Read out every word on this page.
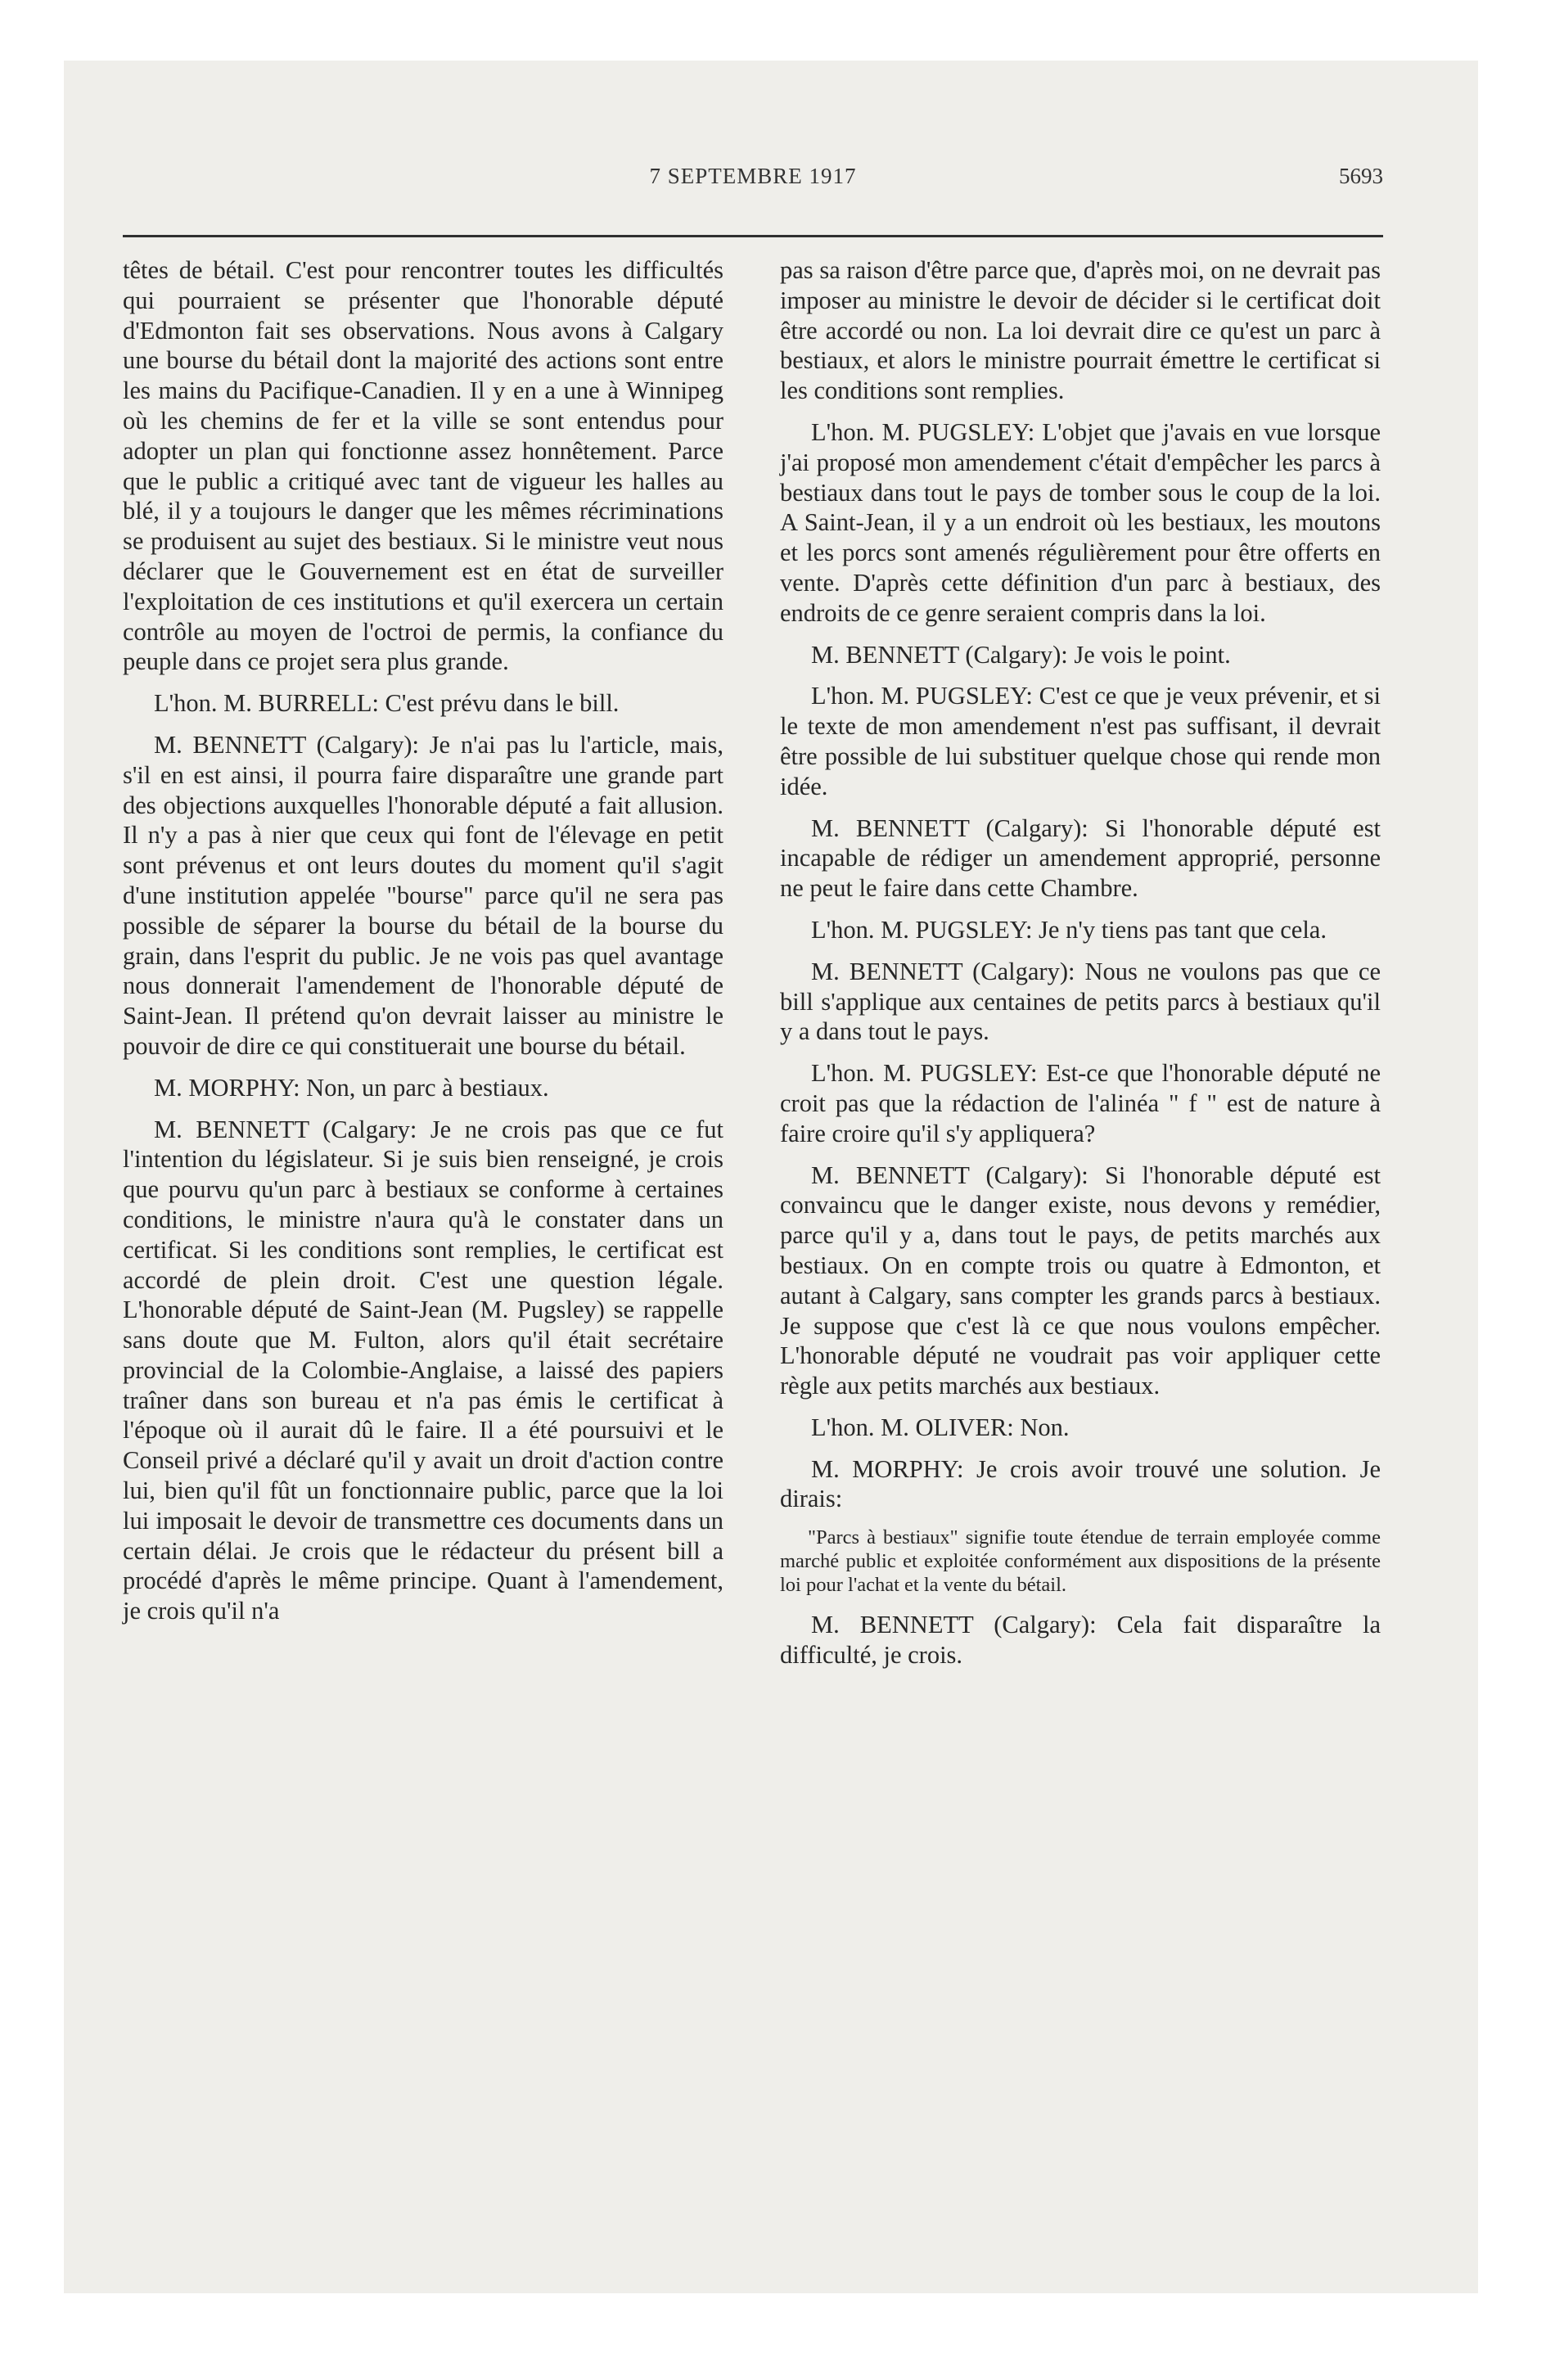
7 SEPTEMBRE 1917	5693

têtes de bétail. C'est pour rencontrer toutes les difficultés qui pourraient se présenter que l'honorable député d'Edmonton fait ses observations. Nous avons à Calgary une bourse du bétail dont la majorité des actions sont entre les mains du Pacifique-Canadien. Il y en a une à Winnipeg où les chemins de fer et la ville se sont entendus pour adopter un plan qui fonctionne assez honnêtement. Parce que le public a critiqué avec tant de vigueur les halles au blé, il y a toujours le danger que les mêmes récriminations se produisent au sujet des bestiaux. Si le ministre veut nous déclarer que le Gouvernement est en état de surveiller l'exploitation de ces institutions et qu'il exercera un certain contrôle au moyen de l'octroi de permis, la confiance du peuple dans ce projet sera plus grande.

L'hon. M. BURRELL: C'est prévu dans le bill.

M. BENNETT (Calgary): Je n'ai pas lu l'article, mais, s'il en est ainsi, il pourra faire disparaître une grande part des objections auxquelles l'honorable député a fait allusion. Il n'y a pas à nier que ceux qui font de l'élevage en petit sont prévenus et ont leurs doutes du moment qu'il s'agit d'une institution appelée "bourse" parce qu'il ne sera pas possible de séparer la bourse du bétail de la bourse du grain, dans l'esprit du public. Je ne vois pas quel avantage nous donnerait l'amendement de l'honorable député de Saint-Jean. Il prétend qu'on devrait laisser au ministre le pouvoir de dire ce qui constituerait une bourse du bétail.

M. MORPHY: Non, un parc à bestiaux.

M. BENNETT (Calgary: Je ne crois pas que ce fut l'intention du législateur. Si je suis bien renseigné, je crois que pourvu qu'un parc à bestiaux se conforme à certaines conditions, le ministre n'aura qu'à le constater dans un certificat. Si les conditions sont remplies, le certificat est accordé de plein droit. C'est une question légale. L'honorable député de Saint-Jean (M. Pugsley) se rappelle sans doute que M. Fulton, alors qu'il était secrétaire provincial de la Colombie-Anglaise, a laissé des papiers traîner dans son bureau et n'a pas émis le certificat à l'époque où il aurait dû le faire. Il a été poursuivi et le Conseil privé a déclaré qu'il y avait un droit d'action contre lui, bien qu'il fût un fonctionnaire public, parce que la loi lui imposait le devoir de transmettre ces documents dans un certain délai. Je crois que le rédacteur du présent bill a procédé d'après le même principe. Quant à l'amendement, je crois qu'il n'a

pas sa raison d'être parce que, d'après moi, on ne devrait pas imposer au ministre le devoir de décider si le certificat doit être accordé ou non. La loi devrait dire ce qu'est un parc à bestiaux, et alors le ministre pourrait émettre le certificat si les conditions sont remplies.

L'hon. M. PUGSLEY: L'objet que j'avais en vue lorsque j'ai proposé mon amendement c'était d'empêcher les parcs à bestiaux dans tout le pays de tomber sous le coup de la loi. A Saint-Jean, il y a un endroit où les bestiaux, les moutons et les porcs sont amenés régulièrement pour être offerts en vente. D'après cette définition d'un parc à bestiaux, des endroits de ce genre seraient compris dans la loi.

M. BENNETT (Calgary): Je vois le point.

L'hon. M. PUGSLEY: C'est ce que je veux prévenir, et si le texte de mon amendement n'est pas suffisant, il devrait être possible de lui substituer quelque chose qui rende mon idée.

M. BENNETT (Calgary): Si l'honorable député est incapable de rédiger un amendement approprié, personne ne peut le faire dans cette Chambre.

L'hon. M. PUGSLEY: Je n'y tiens pas tant que cela.

M. BENNETT (Calgary): Nous ne voulons pas que ce bill s'applique aux centaines de petits parcs à bestiaux qu'il y a dans tout le pays.

L'hon. M. PUGSLEY: Est-ce que l'honorable député ne croit pas que la rédaction de l'alinéa " f " est de nature à faire croire qu'il s'y appliquera?

M. BENNETT (Calgary): Si l'honorable député est convaincu que le danger existe, nous devons y remédier, parce qu'il y a, dans tout le pays, de petits marchés aux bestiaux. On en compte trois ou quatre à Edmonton, et autant à Calgary, sans compter les grands parcs à bestiaux. Je suppose que c'est là ce que nous voulons empêcher. L'honorable député ne voudrait pas voir appliquer cette règle aux petits marchés aux bestiaux.

L'hon. M. OLIVER: Non.

M. MORPHY: Je crois avoir trouvé une solution. Je dirais:

"Parcs à bestiaux" signifie toute étendue de terrain employée comme marché public et exploitée conformément aux dispositions de la présente loi pour l'achat et la vente du bétail.

M. BENNETT (Calgary): Cela fait disparaître la difficulté, je crois.
